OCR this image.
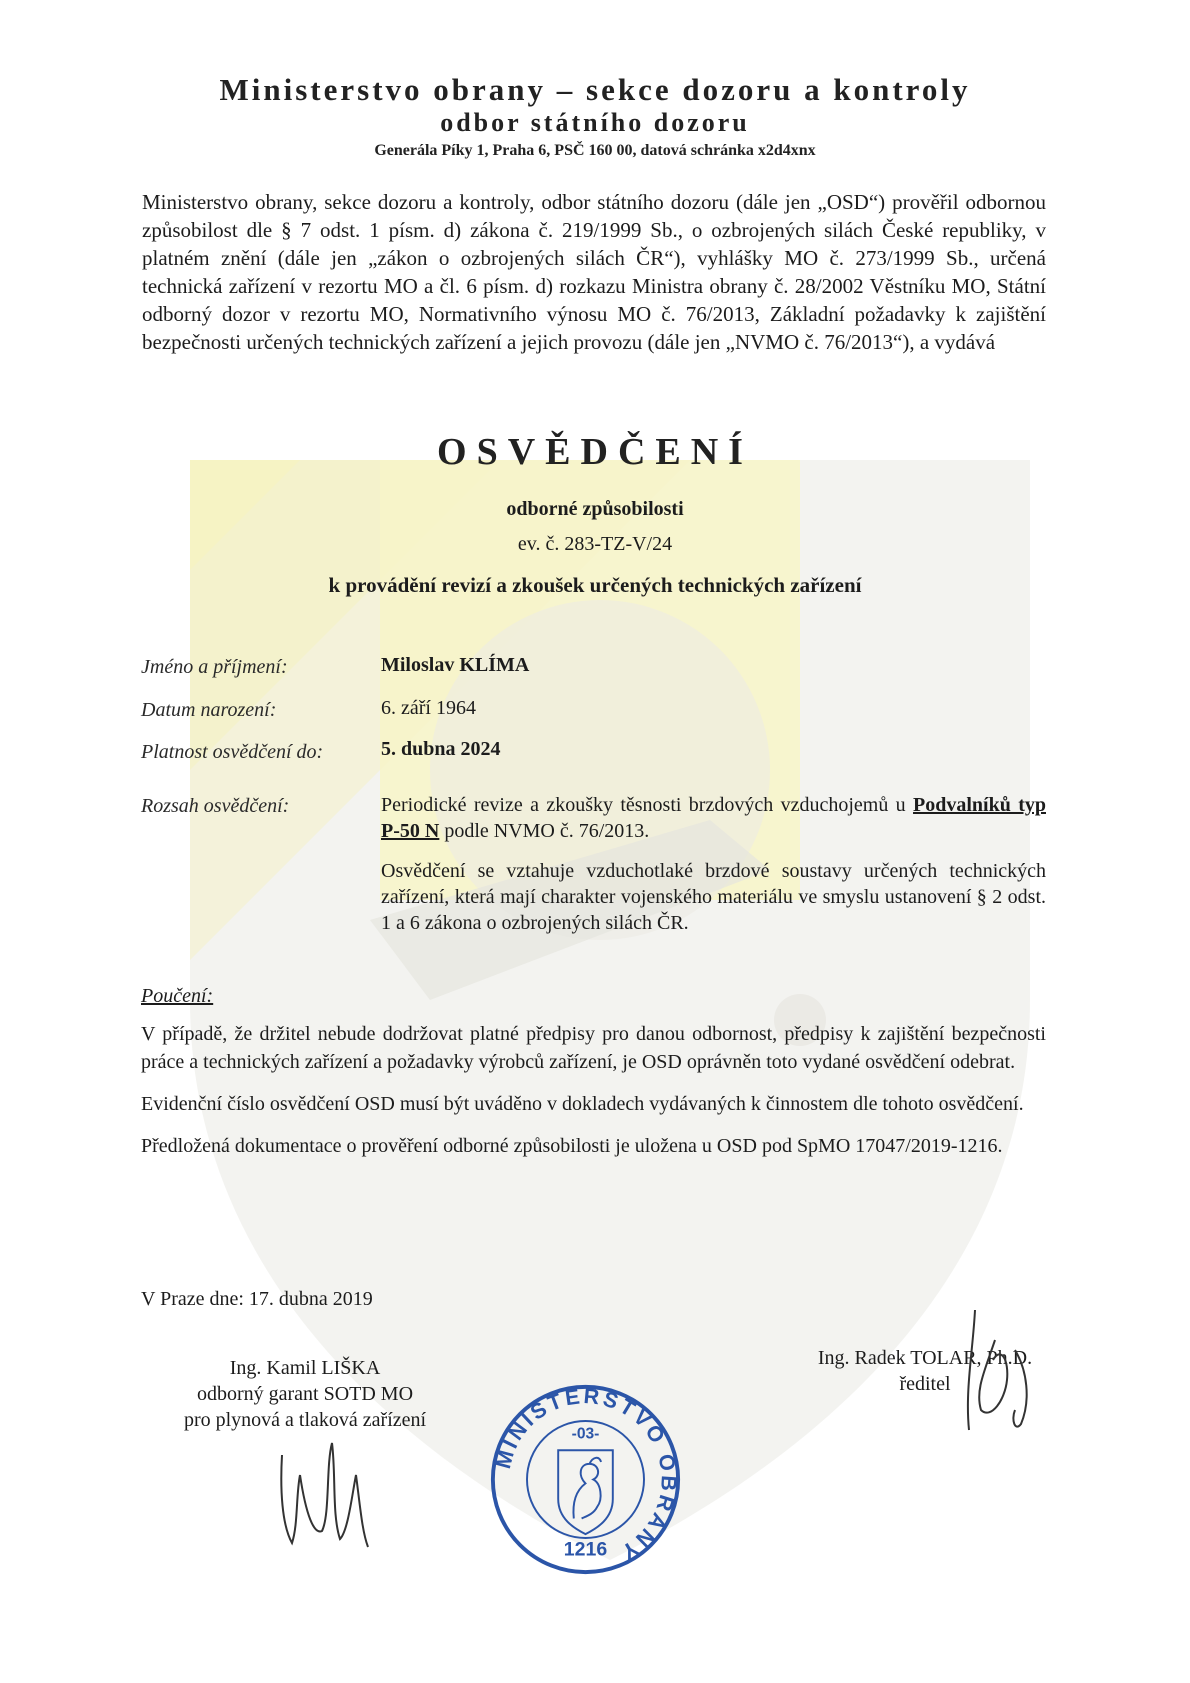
Ministerstvo obrany – sekce dozoru a kontroly
odbor státního dozoru
Generála Píky 1, Praha 6, PSČ 160 00, datová schránka x2d4xnx
Ministerstvo obrany, sekce dozoru a kontroly, odbor státního dozoru (dále jen „OSD“) prověřil odbornou způsobilost dle § 7 odst. 1 písm. d) zákona č. 219/1999 Sb., o ozbrojených silách České republiky, v platném znění (dále jen „zákon o ozbrojených silách ČR“), vyhlášky MO č. 273/1999 Sb., určená technická zařízení v rezortu MO a čl. 6 písm. d) rozkazu Ministra obrany č. 28/2002 Věstníku MO, Státní odborný dozor v rezortu MO, Normativního výnosu MO č. 76/2013, Základní požadavky k zajištění bezpečnosti určených technických zařízení a jejich provozu (dále jen „NVMO č. 76/2013“), a vydává
OSVĚDČENÍ
odborné způsobilosti
ev. č. 283-TZ-V/24
k provádění revizí a zkoušek určených technických zařízení
Jméno a příjmení:	Miloslav KLÍMA
Datum narození:	6. září 1964
Platnost osvědčení do:	5. dubna 2024
Rozsah osvědčení:	Periodické revize a zkoušky těsnosti brzdových vzduchojemů u Podvalníků typ P-50 N podle NVMO č. 76/2013.

Osvědčení se vztahuje vzduchotlaké brzdové soustavy určených technických zařízení, která mají charakter vojenského materiálu ve smyslu ustanovení § 2 odst. 1 a 6 zákona o ozbrojených silách ČR.

Poučení:

V případě, že držitel nebude dodržovat platné předpisy pro danou odbornost, předpisy k zajištění bezpečnosti práce a technických zařízení a požadavky výrobců zařízení, je OSD oprávněn toto vydané osvědčení odebrat.

Evidenční číslo osvědčení OSD musí být uváděno v dokladech vydávaných k činnostem dle tohoto osvědčení.

Předložená dokumentace o prověření odborné způsobilosti je uložena u OSD pod SpMO 17047/2019-1216.

V Praze dne: 17. dubna 2019
Ing. Kamil LIŠKA
odborný garant SOTD MO
pro plynová a tlaková zařízení
Ing. Radek TOLAR, Ph.D.
ředitel
MINISTERSTVO OBRANY
-03-
1216
